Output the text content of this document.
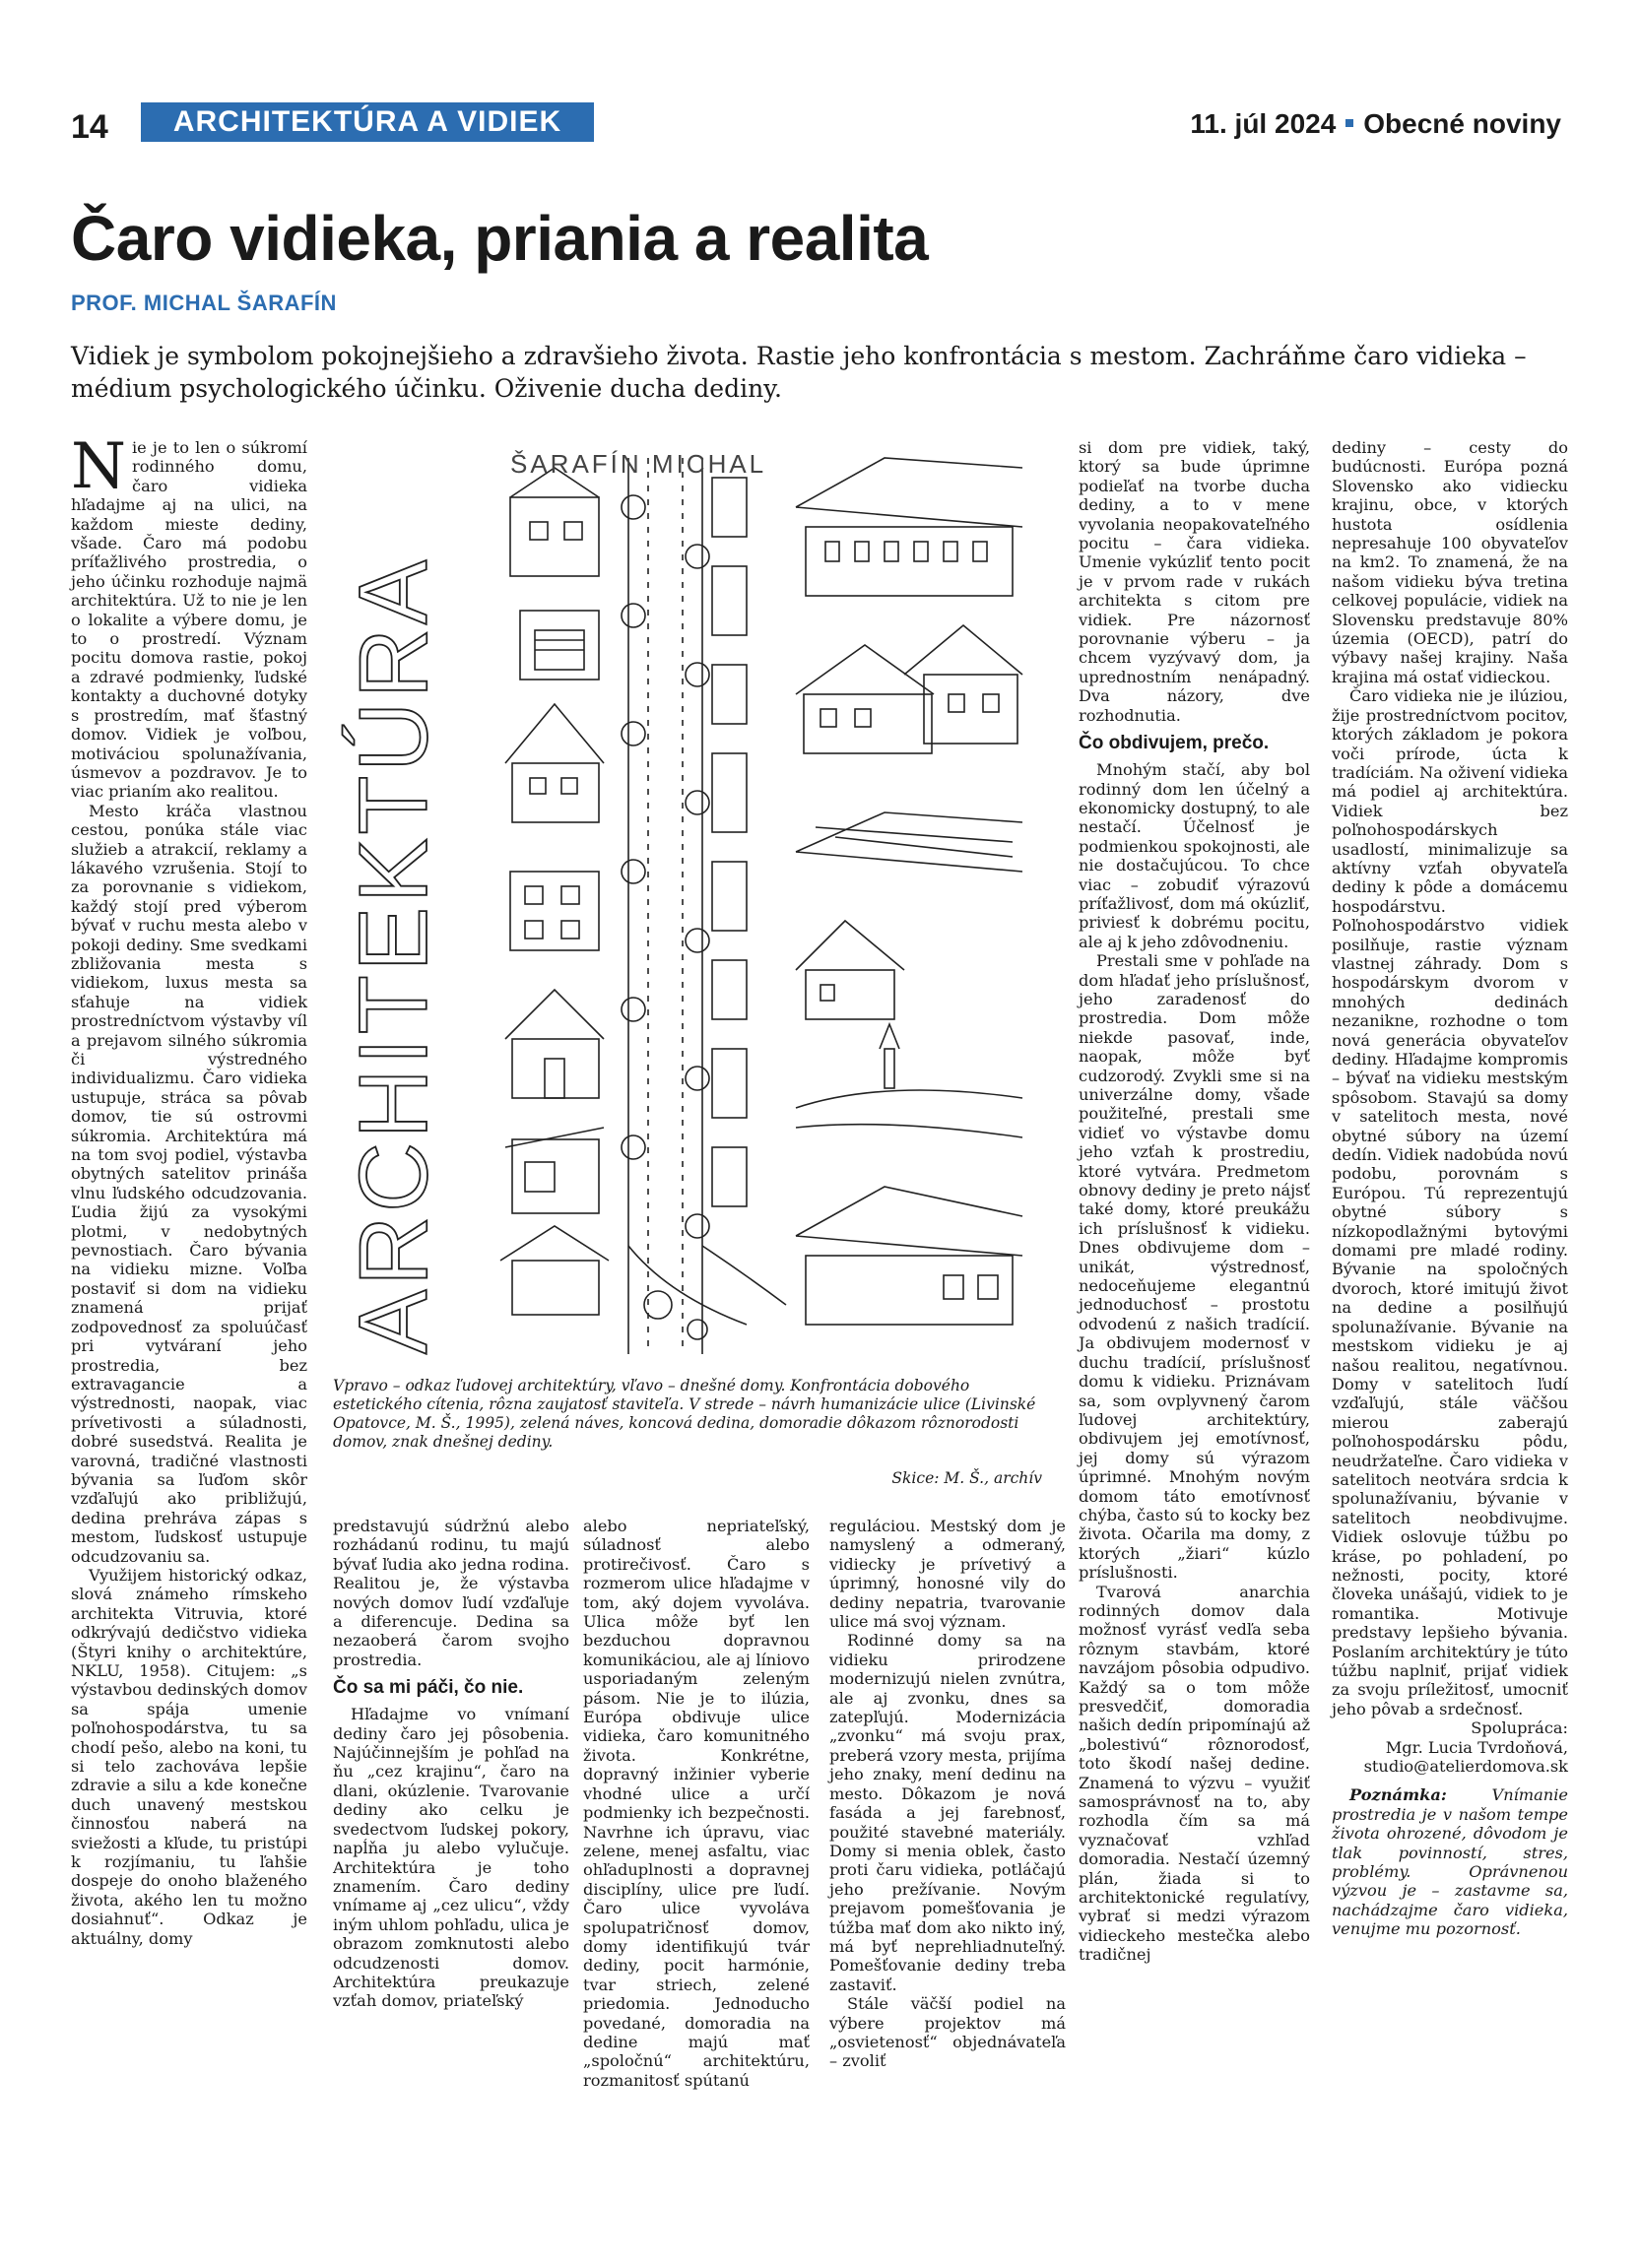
14	ARCHITEKTÚRA A VIDIEK	11. júl 2024 Obecné noviny
Čaro vidieka, priania a realita
PROF. MICHAL ŠARAFÍN
Vidiek je symbolom pokojnejšieho a zdravšieho života. Rastie jeho konfrontácia s mestom. Zachráňme čaro vidieka – médium psychologického účinku. Oživenie ducha dediny.

Nie je to len o súkromí rodinného domu, čaro vidieka hľadajme aj na ulici, na každom mieste dediny, všade. Čaro má podobu príťažlivého prostredia, o jeho účinku rozhoduje najmä architektúra. Už to nie je len o lokalite a výbere domu, je to o prostredí. Význam pocitu domova rastie, pokoj a zdravé podmienky, ľudské kontakty a duchovné dotyky s prostredím, mať šťastný domov. Vidiek je voľbou, motiváciou spolunažívania, úsmevov a pozdravov. Je to viac prianím ako realitou.

Mesto kráča vlastnou cestou, ponúka stále viac služieb a atrakcií, reklamy a lákavého vzrušenia. Stojí to za porovnanie s vidiekom, každý stojí pred výberom bývať v ruchu mesta alebo v pokoji dediny. Sme svedkami zbližovania mesta s vidiekom, luxus mesta sa sťahuje na vidiek prostredníctvom výstavby víl a prejavom silného súkromia či výstredného individualizmu. Čaro vidieka ustupuje, stráca sa pôvab domov, tie sú ostrovmi súkromia. Architektúra má na tom svoj podiel, výstavba obytných satelitov prináša vlnu ľudského odcudzovania. Ľudia žijú za vysokými plotmi, v nedobytných pevnostiach. Čaro bývania na vidieku mizne. Voľba postaviť si dom na vidieku znamená prijať zodpovednosť za spoluúčasť pri vytváraní jeho prostredia, bez extravagancie a výstrednosti, naopak, viac prívetivosti a súladnosti, dobré susedstvá. Realita je varovná, tradičné vlastnosti bývania sa ľuďom skôr vzďaľujú ako približujú, dedina prehráva zápas s mestom, ľudskosť ustupuje odcudzovaniu sa.

Využijem historický odkaz, slová známeho rímskeho architekta Vitruvia, ktoré odkrývajú dedičstvo vidieka (Štyri knihy o architektúre, NKLU, 1958). Citujem: „s výstavbou dedinských domov sa spája umenie poľnohospodárstva, tu sa chodí pešo, alebo na koni, tu si telo zachováva lepšie zdravie a silu a kde konečne duch unavený mestskou činnosťou naberá na sviežosti a kľude, tu pristúpi k rozjímaniu, tu ľahšie dospeje do onoho blaženého života, akého len tu možno dosiahnuť“. Odkaz je aktuálny, domy

ŠARAFÍN MICHAL
ARCHITEKTÚRA
Vpravo – odkaz ľudovej architektúry, vľavo – dnešné domy. Konfrontácia dobového estetického cítenia, rôzna zaujatosť staviteľa. V strede – návrh humanizácie ulice (Livinské Opatovce, M. Š., 1995), zelená náves, koncová dedina, domoradie dôkazom rôznorodosti domov, znak dnešnej dediny.
Skice: M. Š., archív

predstavujú súdržnú alebo rozhádanú rodinu, tu majú bývať ľudia ako jedna rodina. Realitou je, že výstavba nových domov ľudí vzďaľuje a diferencuje. Dedina sa nezaoberá čarom svojho prostredia.

Čo sa mi páči, čo nie.

Hľadajme vo vnímaní dediny čaro jej pôsobenia. Najúčinnejším je pohľad na ňu „cez krajinu“, čaro na dlani, okúzlenie. Tvarovanie dediny ako celku je svedectvom ľudskej pokory, napĺňa ju alebo vylučuje. Architektúra je toho znamením. Čaro dediny vnímame aj „cez ulicu“, vždy iným uhlom pohľadu, ulica je obrazom zomknutosti alebo odcudzenosti domov. Architektúra preukazuje vzťah domov, priateľský

alebo nepriateľský, súladnosť alebo protirečivosť. Čaro s rozmerom ulice hľadajme v tom, aký dojem vyvoláva. Ulica môže byť len bezduchou dopravnou komunikáciou, ale aj líniovo usporiadaným zeleným pásom. Nie je to ilúzia, Európa obdivuje ulice vidieka, čaro komunitného života. Konkrétne, dopravný inžinier vyberie vhodné ulice a určí podmienky ich bezpečnosti. Navrhne ich úpravu, viac zelene, menej asfaltu, viac ohľaduplnosti a dopravnej disciplíny, ulice pre ľudí. Čaro ulice vyvoláva spolupatričnosť domov, domy identifikujú tvár dediny, pocit harmónie, tvar striech, zelené priedomia. Jednoducho povedané, domoradia na dedine majú mať „spoločnú“ architektúru, rozmanitosť spútanú

reguláciou. Mestský dom je namyslený a odmeraný, vidiecky je prívetivý a úprimný, honosné vily do dediny nepatria, tvarovanie ulice má svoj význam.

Rodinné domy sa na vidieku prirodzene modernizujú nielen zvnútra, ale aj zvonku, dnes sa zatepľujú. Modernizácia „zvonku“ má svoju prax, preberá vzory mesta, prijíma jeho znaky, mení dedinu na mesto. Dôkazom je nová fasáda a jej farebnosť, použité stavebné materiály. Domy si menia oblek, často proti čaru vidieka, potláčajú jeho prežívanie. Novým prejavom pomešťovania je túžba mať dom ako nikto iný, má byť neprehliadnuteľný. Pomešťovanie dediny treba zastaviť.

Stále väčší podiel na výbere projektov má „osvietenosť“ objednávateľa – zvoliť

si dom pre vidiek, taký, ktorý sa bude úprimne podieľať na tvorbe ducha dediny, a to v mene vyvolania neopakovateľného pocitu – čara vidieka. Umenie vykúzliť tento pocit je v prvom rade v rukách architekta s citom pre vidiek. Pre názornosť porovnanie výberu – ja chcem vyzývavý dom, ja uprednostním nenápadný. Dva názory, dve rozhodnutia.

Čo obdivujem, prečo.

Mnohým stačí, aby bol rodinný dom len účelný a ekonomicky dostupný, to ale nestačí. Účelnosť je podmienkou spokojnosti, ale nie dostačujúcou. To chce viac – zobudiť výrazovú príťažlivosť, dom má okúzliť, priviesť k dobrému pocitu, ale aj k jeho zdôvodneniu.

Prestali sme v pohľade na dom hľadať jeho príslušnosť, jeho zaradenosť do prostredia. Dom môže niekde pasovať, inde, naopak, môže byť cudzorodý. Zvykli sme si na univerzálne domy, všade použiteľné, prestali sme vidieť vo výstavbe domu jeho vzťah k prostrediu, ktoré vytvára. Predmetom obnovy dediny je preto nájsť také domy, ktoré preukážu ich príslušnosť k vidieku. Dnes obdivujeme dom – unikát, výstrednosť, nedoceňujeme elegantnú jednoduchosť – prostotu odvodenú z našich tradícií. Ja obdivujem modernosť v duchu tradícií, príslušnosť domu k vidieku. Priznávam sa, som ovplyvnený čarom ľudovej architektúry, obdivujem jej emotívnosť, jej domy sú výrazom úprimné. Mnohým novým domom táto emotívnosť chýba, často sú to kocky bez života. Očarila ma domy, z ktorých „žiari“ kúzlo príslušnosti.

Tvarová anarchia rodinných domov dala možnosť vyrásť vedľa seba rôznym stavbám, ktoré navzájom pôsobia odpudivo. Každý sa o tom môže presvedčiť, domoradia našich dedín pripomínajú až „bolestivú“ rôznorodosť, toto škodí našej dedine. Znamená to výzvu – využiť samosprávnosť na to, aby rozhodla čím sa má vyznačovať vzhľad domoradia. Nestačí územný plán, žiada si to architektonické regulatívy, vybrať si medzi výrazom vidieckeho mestečka alebo tradičnej

dediny – cesty do budúcnosti. Európa pozná Slovensko ako vidiecku krajinu, obce, v ktorých hustota osídlenia nepresahuje 100 obyvateľov na km2. To znamená, že na našom vidieku býva tretina celkovej populácie, vidiek na Slovensku predstavuje 80% územia (OECD), patrí do výbavy našej krajiny. Naša krajina má ostať vidieckou.

Čaro vidieka nie je ilúziou, žije prostredníctvom pocitov, ktorých základom je pokora voči prírode, úcta k tradíciám. Na oživení vidieka má podiel aj architektúra. Vidiek bez poľnohospodárskych usadlostí, minimalizuje sa aktívny vzťah obyvateľa dediny k pôde a domácemu hospodárstvu. Poľnohospodárstvo vidiek posilňuje, rastie význam vlastnej záhrady. Dom s hospodárskym dvorom v mnohých dedinách nezanikne, rozhodne o tom nová generácia obyvateľov dediny. Hľadajme kompromis – bývať na vidieku mestským spôsobom. Stavajú sa domy v satelitoch mesta, nové obytné súbory na území dedín. Vidiek nadobúda novú podobu, porovnám s Európou. Tú reprezentujú obytné súbory s nízkopodlažnými bytovými domami pre mladé rodiny. Bývanie na spoločných dvoroch, ktoré imitujú život na dedine a posilňujú spolunažívanie. Bývanie na mestskom vidieku je aj našou realitou, negatívnou. Domy v satelitoch ľudí vzďaľujú, stále väčšou mierou zaberajú poľnohospodársku pôdu, neudržateľne. Čaro vidieka v satelitoch neotvára srdcia k spolunažívaniu, bývanie v satelitoch neobdivujme. Vidiek oslovuje túžbu po kráse, po pohladení, po nežnosti, pocity, ktoré človeka unášajú, vidiek to je romantika. Motivuje predstavy lepšieho bývania. Poslaním architektúry je túto túžbu naplniť, prijať vidiek za svoju príležitosť, umocniť jeho pôvab a srdečnosť.

Spolupráca:

Mgr. Lucia Tvrdoňová,

studio@atelierdomova.sk

Poznámka:	Vnímanie prostredia je v našom tempe života ohrozené, dôvodom je tlak povinností, stres, problémy. Oprávnenou výzvou je – zastavme sa, nachádzajme čaro vidieka, venujme mu pozornosť.
